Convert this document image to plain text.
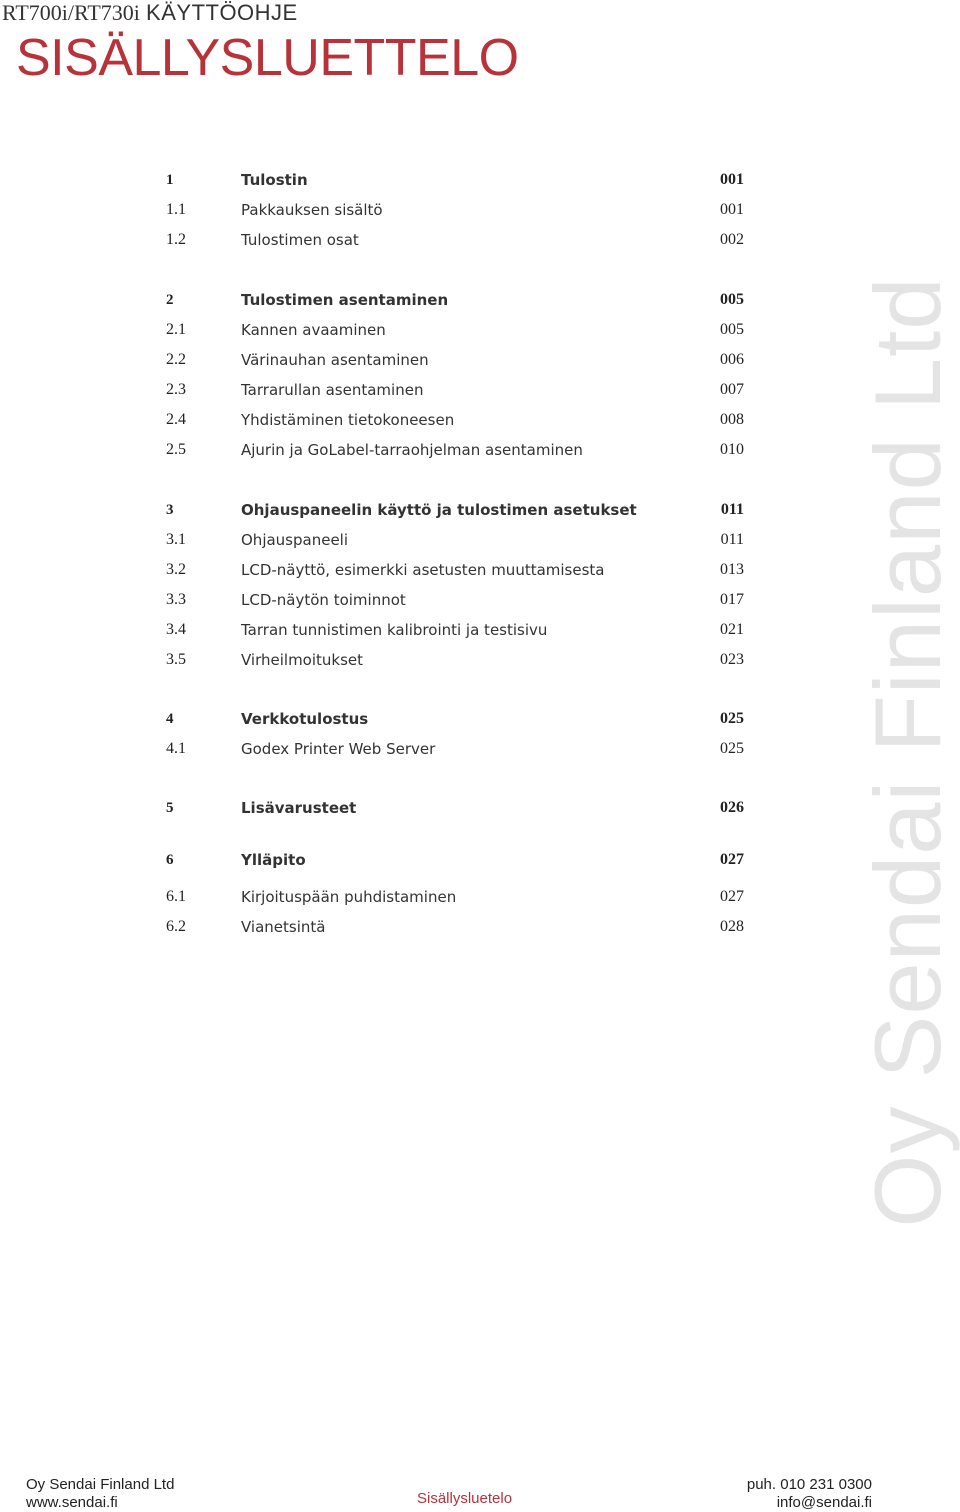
RT700i/RT730i KÄYTTÖOHJE
SISÄLLYSLUETTELO
Oy Sendai Finland Ltd
1	Tulostin	001
1.1	Pakkauksen sisältö	001
1.2	Tulostimen osat	002
2	Tulostimen asentaminen	005
2.1	Kannen avaaminen	005
2.2	Värinauhan asentaminen	006
2.3	Tarrarullan asentaminen	007
2.4	Yhdistäminen tietokoneesen	008
2.5	Ajurin ja GoLabel-tarraohjelman asentaminen	010
3	Ohjauspaneelin käyttö ja tulostimen asetukset	011
3.1	Ohjauspaneeli	011
3.2	LCD-näyttö, esimerkki asetusten muuttamisesta	013
3.3	LCD-näytön toiminnot	017
3.4	Tarran tunnistimen kalibrointi ja testisivu	021
3.5	Virheilmoitukset	023
4	Verkkotulostus	025
4.1	Godex Printer Web Server	025
5	Lisävarusteet	026
6	Ylläpito	027
6.1	Kirjoituspään puhdistaminen	027
6.2	Vianetsintä	028
Oy Sendai Finland Ltd
www.sendai.fi	Sisällysluetelo
puh. 010 231 0300
info@sendai.fi
